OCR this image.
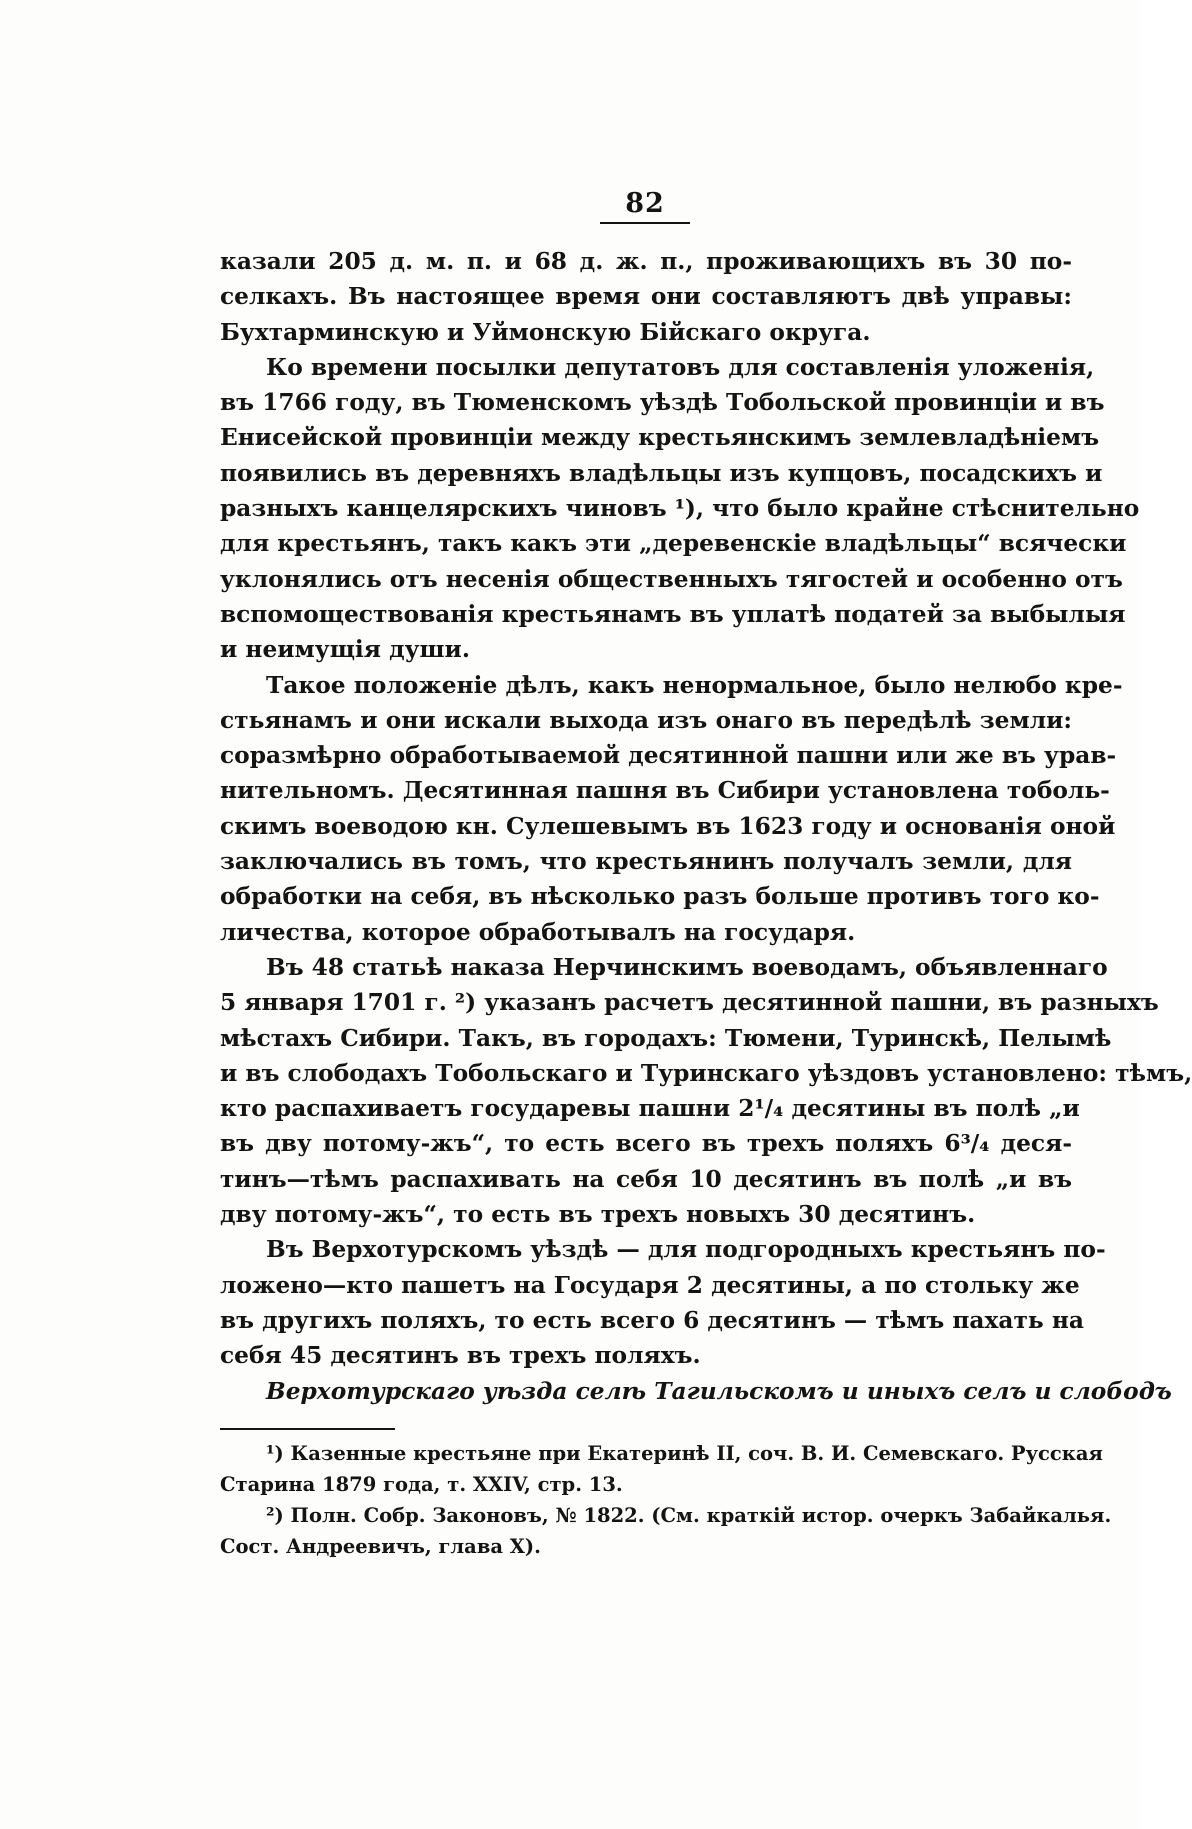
82
казали 205 д. м. п. и 68 д. ж. п., проживающихъ въ 30 по-
селкахъ. Въ настоящее время они составляютъ двѣ управы:
Бухтарминскую и Уймонскую Бійскаго округа.
Ко времени посылки депутатовъ для составленія уложенія,
въ 1766 году, въ Тюменскомъ уѣздѣ Тобольской провинціи и въ
Енисейской провинціи между крестьянскимъ землевладѣніемъ
появились въ деревняхъ владѣльцы изъ купцовъ, посадскихъ и
разныхъ канцелярскихъ чиновъ ¹), что было крайне стѣснительно
для крестьянъ, такъ какъ эти „деревенскіе владѣльцы“ всячески
уклонялись отъ несенія общественныхъ тягостей и особенно отъ
вспомоществованія крестьянамъ въ уплатѣ податей за выбылыя
и неимущія души.
Такое положеніе дѣлъ, какъ ненормальное, было нелюбо кре-
стьянамъ и они искали выхода изъ онаго въ передѣлѣ земли:
соразмѣрно обработываемой десятинной пашни или же въ урав-
нительномъ. Десятинная пашня въ Сибири установлена тоболь-
скимъ воеводою кн. Сулешевымъ въ 1623 году и основанія оной
заключались въ томъ, что крестьянинъ получалъ земли, для
обработки на себя, въ нѣсколько разъ больше противъ того ко-
личества, которое обработывалъ на государя.
Въ 48 статьѣ наказа Нерчинскимъ воеводамъ, объявленнаго
5 января 1701 г. ²) указанъ расчетъ десятинной пашни, въ разныхъ
мѣстахъ Сибири. Такъ, въ городахъ: Тюмени, Туринскѣ, Пелымѣ
и въ слободахъ Тобольскаго и Туринскаго уѣздовъ установлено: тѣмъ,
кто распахиваетъ государевы пашни 2¹/₄ десятины въ полѣ „и
въ дву потому-жъ“, то есть всего въ трехъ поляхъ 6³/₄ деся-
тинъ—тѣмъ распахивать на себя 10 десятинъ въ полѣ „и въ
дву потому-жъ“, то есть въ трехъ новыхъ 30 десятинъ.
Въ Верхотурскомъ уѣздѣ — для подгородныхъ крестьянъ по-
ложено—кто пашетъ на Государя 2 десятины, а по стольку же
въ другихъ поляхъ, то есть всего 6 десятинъ — тѣмъ пахать на
себя 45 десятинъ въ трехъ поляхъ.
Верхотурскаго уѣзда селѣ Тагильскомъ и иныхъ селъ и слободъ
¹) Казенные крестьяне при Екатеринѣ II, соч. В. И. Семевскаго. Русская
Старина 1879 года, т. XXIV, стр. 13.
²) Полн. Собр. Законовъ, № 1822. (См. краткій истор. очеркъ Забайкалья.
Сост. Андреевичъ, глава X).
